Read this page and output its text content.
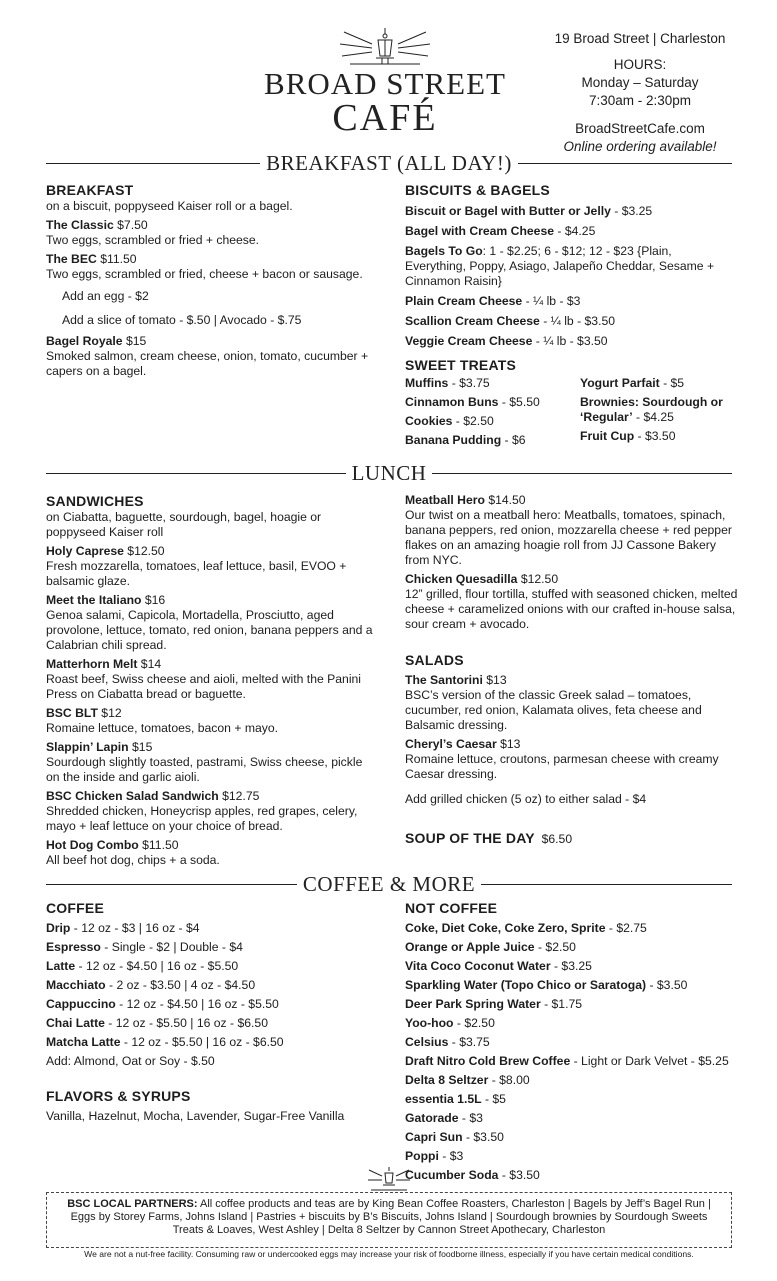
BROAD STREET
CAFÉ
19 Broad Street | Charleston
HOURS:
Monday – Saturday
7:30am - 2:30pm
BroadStreetCafe.com
Online ordering available!
BREAKFAST (ALL DAY!)
BREAKFAST
on a biscuit, poppyseed Kaiser roll or a bagel.
The Classic $7.50
Two eggs, scrambled or fried + cheese.
The BEC $11.50
Two eggs, scrambled or fried, cheese + bacon or sausage.
Add an egg - $2
Add a slice of tomato - $.50 | Avocado - $.75
Bagel Royale $15
Smoked salmon, cream cheese, onion, tomato, cucumber + capers on a bagel.
BISCUITS & BAGELS
Biscuit or Bagel with Butter or Jelly - $3.25
Bagel with Cream Cheese - $4.25
Bagels To Go: 1 - $2.25; 6 - $12; 12 - $23 {Plain, Everything, Poppy, Asiago, Jalapeño Cheddar, Sesame + Cinnamon Raisin}
Plain Cream Cheese - ¼ lb - $3
Scallion Cream Cheese - ¼ lb - $3.50
Veggie Cream Cheese - ¼ lb - $3.50
SWEET TREATS
Muffins - $3.75
Cinnamon Buns - $5.50
Cookies - $2.50
Banana Pudding - $6
Yogurt Parfait - $5
Brownies: Sourdough or ‘Regular’ - $4.25
Fruit Cup - $3.50
LUNCH
SANDWICHES
on Ciabatta, baguette, sourdough, bagel, hoagie or poppyseed Kaiser roll
Holy Caprese $12.50
Fresh mozzarella, tomatoes, leaf lettuce, basil, EVOO + balsamic glaze.
Meet the Italiano $16
Genoa salami, Capicola, Mortadella, Prosciutto, aged provolone, lettuce, tomato, red onion, banana peppers and a Calabrian chili spread.
Matterhorn Melt $14
Roast beef, Swiss cheese and aioli, melted with the Panini Press on Ciabatta bread or baguette.
BSC BLT $12
Romaine lettuce, tomatoes, bacon + mayo.
Slappin’ Lapin $15
Sourdough slightly toasted, pastrami, Swiss cheese, pickle on the inside and garlic aioli.
BSC Chicken Salad Sandwich $12.75
Shredded chicken, Honeycrisp apples, red grapes, celery, mayo + leaf lettuce on your choice of bread.
Hot Dog Combo $11.50
All beef hot dog, chips + a soda.
Meatball Hero $14.50
Our twist on a meatball hero: Meatballs, tomatoes, spinach, banana peppers, red onion, mozzarella cheese + red pepper flakes on an amazing hoagie roll from JJ Cassone Bakery from NYC.
Chicken Quesadilla $12.50
12” grilled, flour tortilla, stuffed with seasoned chicken, melted cheese + caramelized onions with our crafted in-house salsa, sour cream + avocado.
SALADS
The Santorini $13
BSC’s version of the classic Greek salad – tomatoes, cucumber, red onion, Kalamata olives, feta cheese and Balsamic dressing.
Cheryl’s Caesar $13
Romaine lettuce, croutons, parmesan cheese with creamy Caesar dressing.
Add grilled chicken (5 oz) to either salad - $4
SOUP OF THE DAY $6.50
COFFEE & MORE
COFFEE
Drip - 12 oz - $3 | 16 oz - $4
Espresso - Single - $2 | Double - $4
Latte - 12 oz - $4.50 | 16 oz - $5.50
Macchiato - 2 oz - $3.50 | 4 oz - $4.50
Cappuccino - 12 oz - $4.50 | 16 oz - $5.50
Chai Latte - 12 oz - $5.50 | 16 oz - $6.50
Matcha Latte - 12 oz - $5.50 | 16 oz - $6.50
Add: Almond, Oat or Soy - $.50
FLAVORS & SYRUPS
Vanilla, Hazelnut, Mocha, Lavender, Sugar-Free Vanilla
NOT COFFEE
Coke, Diet Coke, Coke Zero, Sprite - $2.75
Orange or Apple Juice - $2.50
Vita Coco Coconut Water - $3.25
Sparkling Water (Topo Chico or Saratoga) - $3.50
Deer Park Spring Water - $1.75
Yoo-hoo - $2.50
Celsius - $3.75
Draft Nitro Cold Brew Coffee - Light or Dark Velvet - $5.25
Delta 8 Seltzer - $8.00
essentia 1.5L - $5
Gatorade - $3
Capri Sun - $3.50
Poppi - $3
Cucumber Soda - $3.50
BSC LOCAL PARTNERS: All coffee products and teas are by King Bean Coffee Roasters, Charleston | Bagels by Jeff’s Bagel Run | Eggs by Storey Farms, Johns Island | Pastries + biscuits by B’s Biscuits, Johns Island | Sourdough brownies by Sourdough Sweets Treats & Loaves, West Ashley | Delta 8 Seltzer by Cannon Street Apothecary, Charleston
We are not a nut-free facility. Consuming raw or undercooked eggs may increase your risk of foodborne illness, especially if you have certain medical conditions.
